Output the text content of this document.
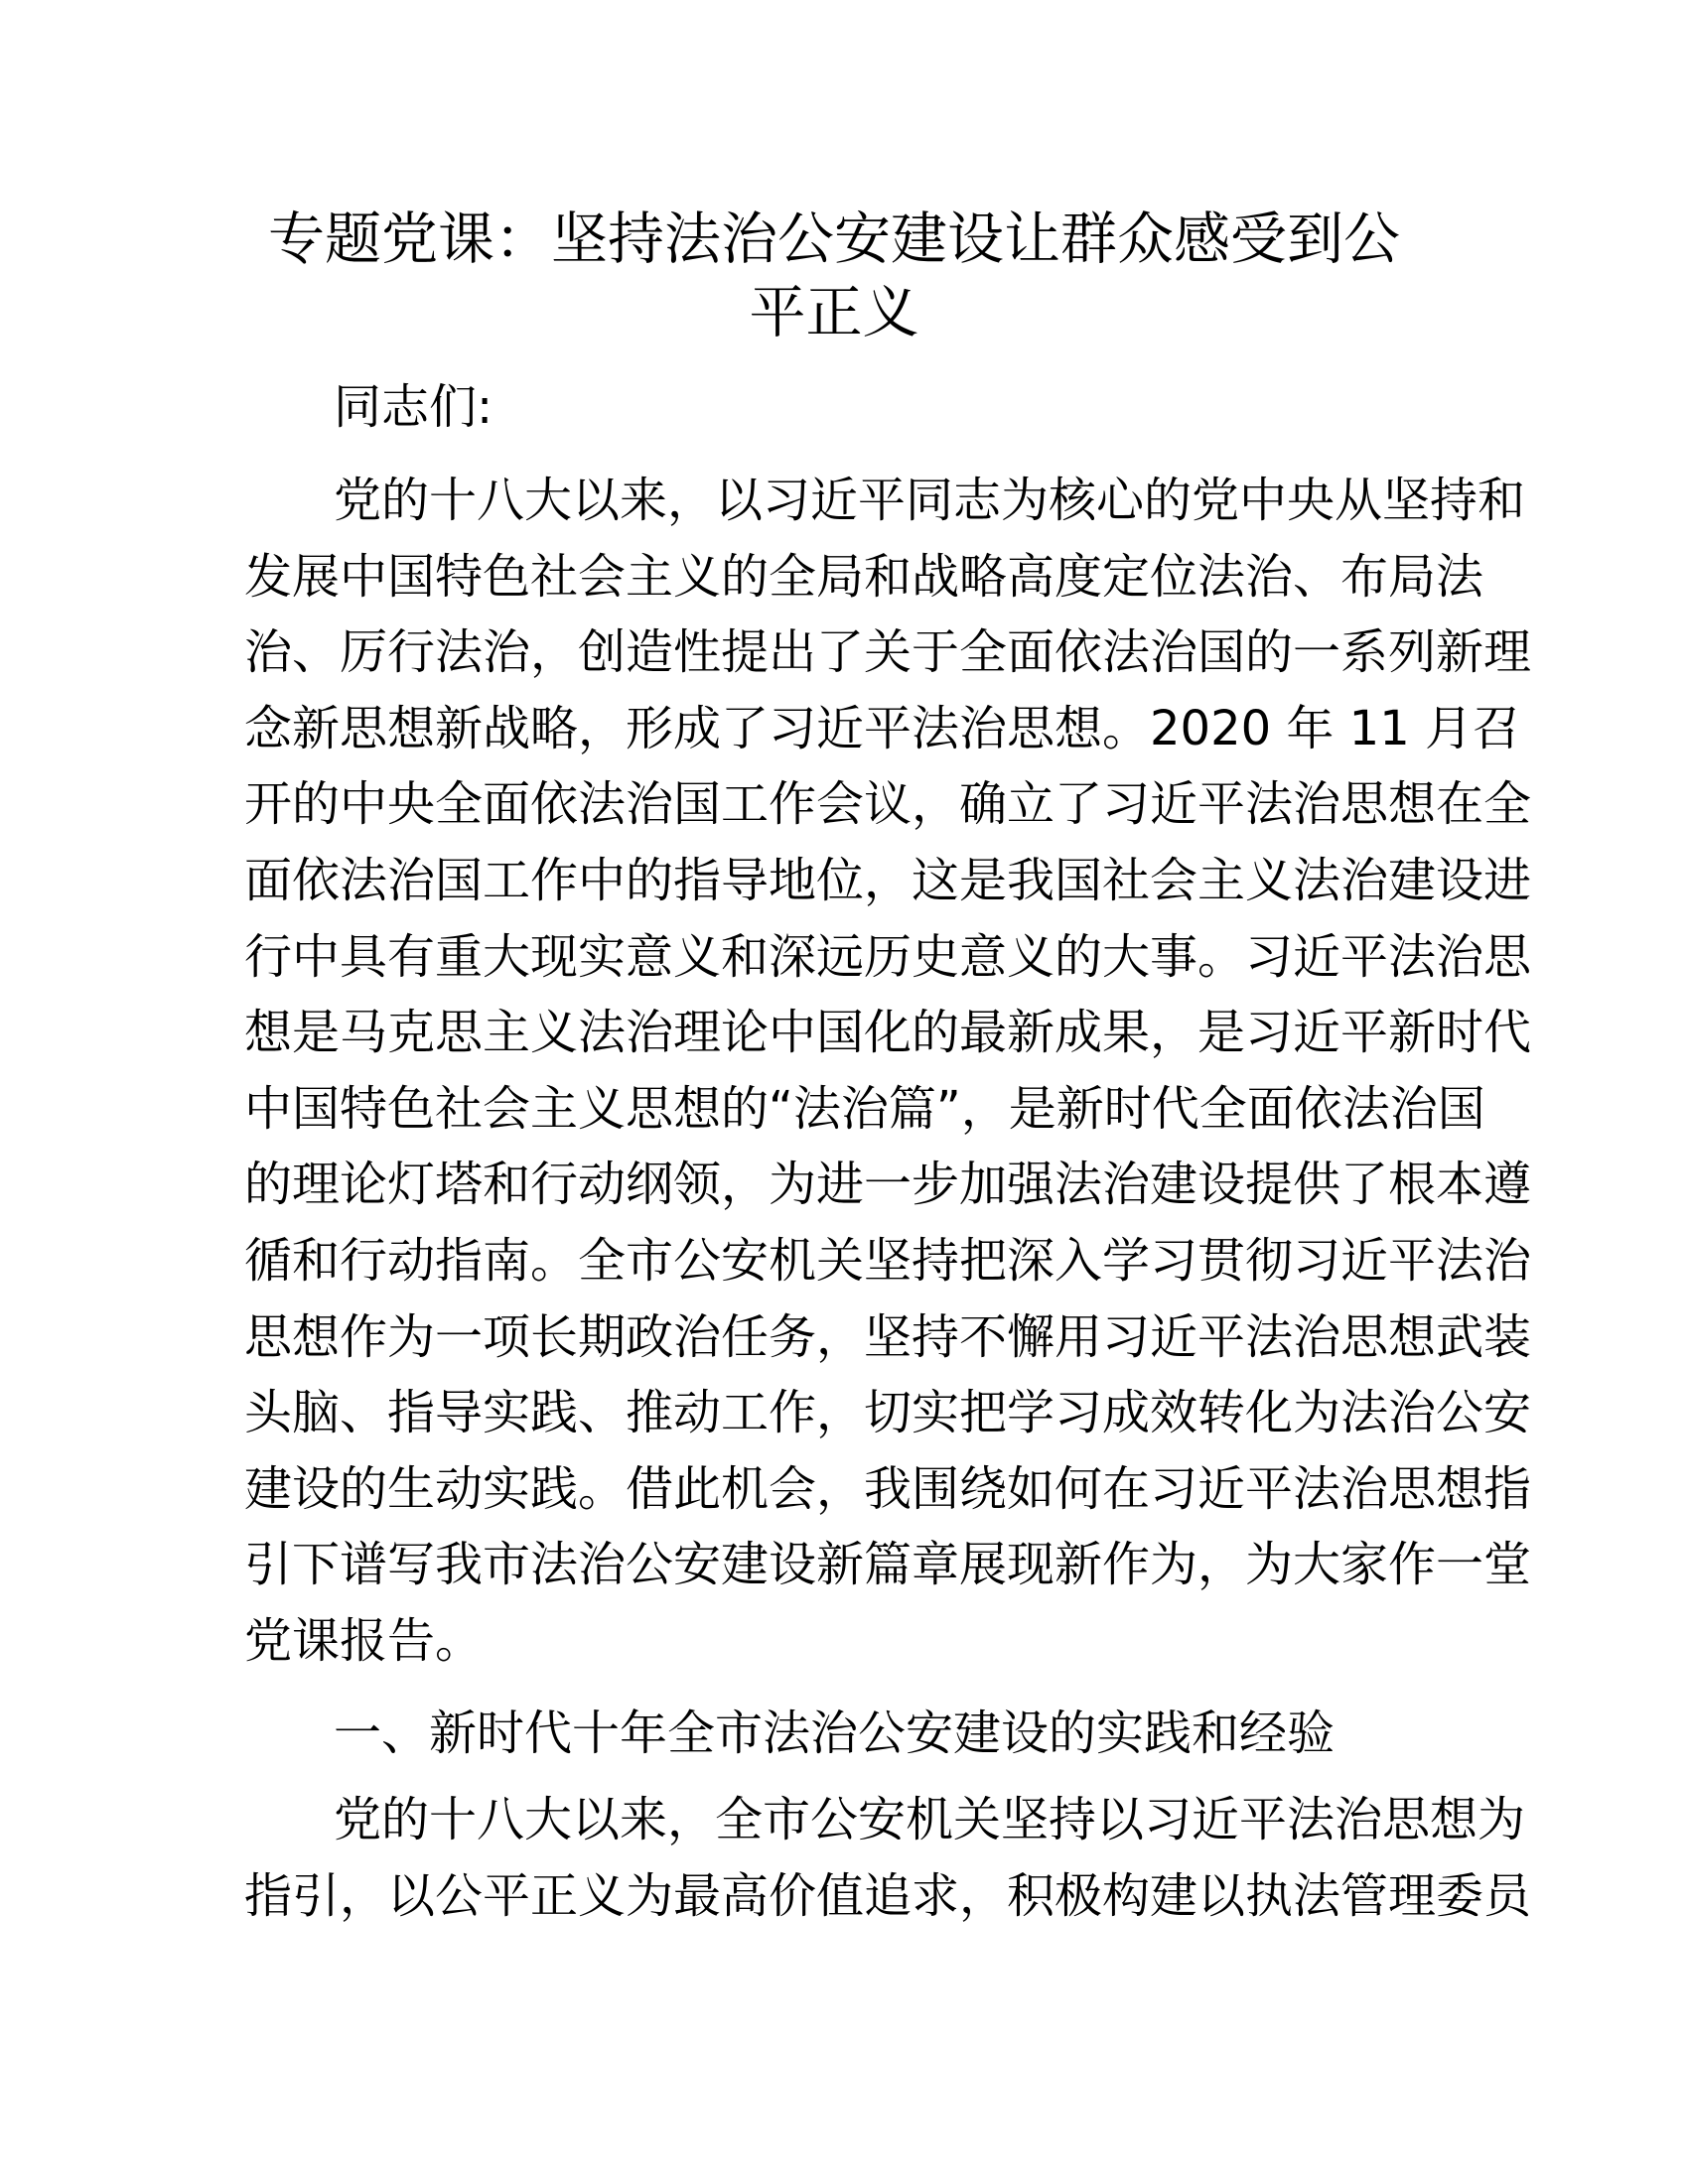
专题党课：坚持法治公安建设让群众感受到公
平正义
同志们:
党的十八大以来，以习近平同志为核心的党中央从坚持和
发展中国特色社会主义的全局和战略高度定位法治、布局法
治、厉行法治，创造性提出了关于全面依法治国的一系列新理
念新思想新战略，形成了习近平法治思想。2020 年 11 月召
开的中央全面依法治国工作会议，确立了习近平法治思想在全
面依法治国工作中的指导地位，这是我国社会主义法治建设进
行中具有重大现实意义和深远历史意义的大事。习近平法治思
想是马克思主义法治理论中国化的最新成果，是习近平新时代
中国特色社会主义思想的“法治篇”，是新时代全面依法治国
的理论灯塔和行动纲领，为进一步加强法治建设提供了根本遵
循和行动指南。全市公安机关坚持把深入学习贯彻习近平法治
思想作为一项长期政治任务，坚持不懈用习近平法治思想武装
头脑、指导实践、推动工作，切实把学习成效转化为法治公安
建设的生动实践。借此机会，我围绕如何在习近平法治思想指
引下谱写我市法治公安建设新篇章展现新作为，为大家作一堂
党课报告。
一、新时代十年全市法治公安建设的实践和经验
党的十八大以来，全市公安机关坚持以习近平法治思想为
指引，以公平正义为最高价值追求，积极构建以执法管理委员
